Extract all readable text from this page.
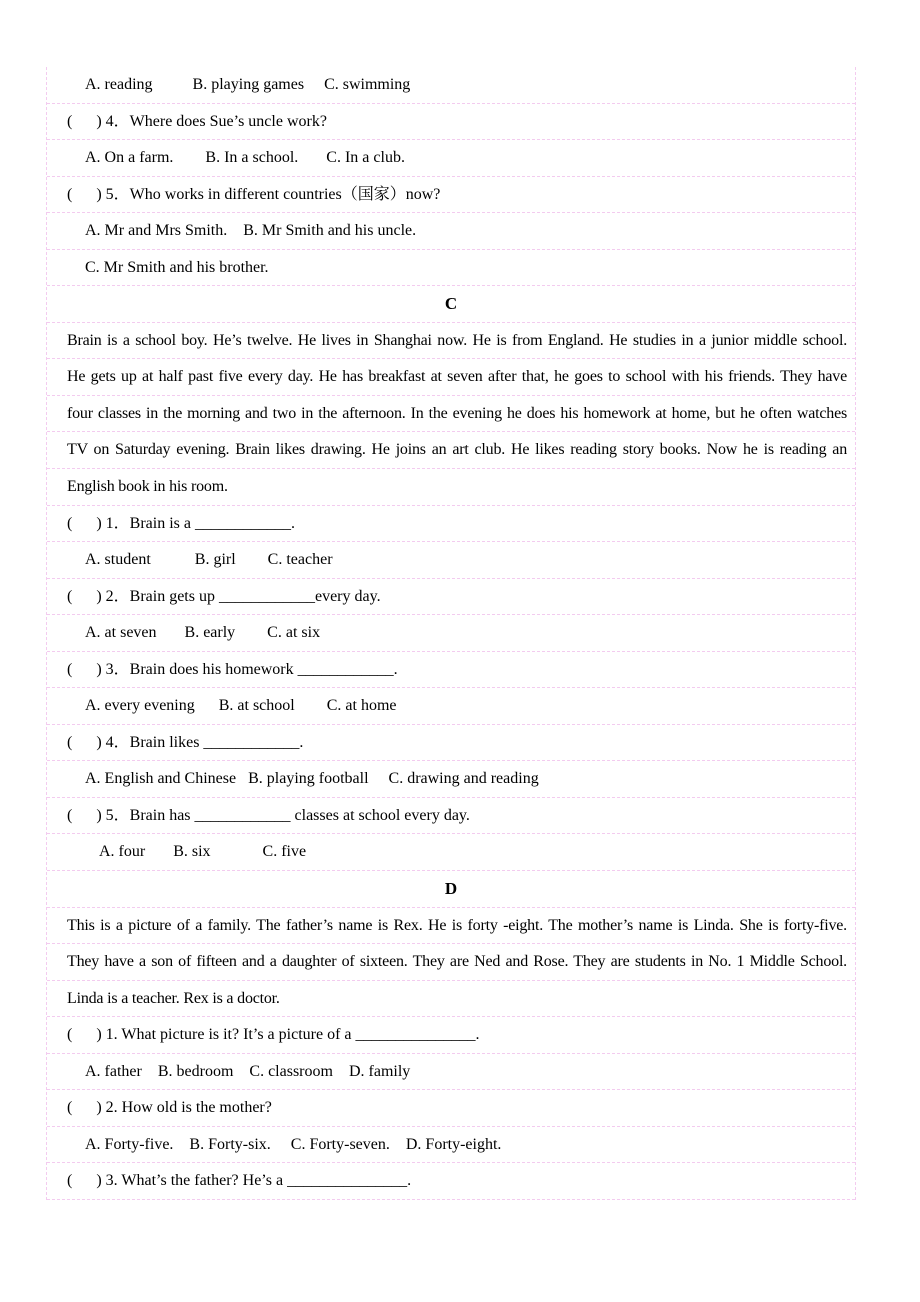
A. reading          B. playing games     C. swimming
(      ) 4．Where does Sue’s uncle work?
A. On a farm.        B. In a school.       C. In a club.
(      ) 5．Who works in different countries（国家）now?
A. Mr and Mrs Smith.    B. Mr Smith and his uncle.
C. Mr Smith and his brother.
C
Brain is a school boy. He’s twelve. He lives in Shanghai now. He is from England. He studies in a junior middle school.
He gets up at half past five every day. He has breakfast at seven after that, he goes to school with his friends. They have
four classes in the morning and two in the afternoon. In the evening he does his homework at home, but he often watches
TV on Saturday evening. Brain likes drawing. He joins an art club. He likes reading story books. Now he is reading an
English book in his room.
(      ) 1．Brain is a ____________.
A. student           B. girl        C. teacher
(      ) 2．Brain gets up ____________every day.
A. at seven       B. early        C. at six
(      ) 3．Brain does his homework ____________.
A. every evening      B. at school        C. at home
(      ) 4．Brain likes ____________.
A. English and Chinese   B. playing football     C. drawing and reading
(      ) 5．Brain has ____________ classes at school every day.
A. four       B. six             C. five
D
This is a picture of a family. The father’s name is Rex. He is forty -eight. The mother’s name is Linda. She is forty-five.
They have a son of fifteen and a daughter of sixteen. They are Ned and Rose. They are students in No. 1 Middle School.
Linda is a teacher. Rex is a doctor.
(      ) 1. What picture is it? It’s a picture of a _______________.
A. father    B. bedroom    C. classroom    D. family
(      ) 2. How old is the mother?
A. Forty-five.    B. Forty-six.     C. Forty-seven.    D. Forty-eight.
(      ) 3. What’s the father? He’s a _______________.
